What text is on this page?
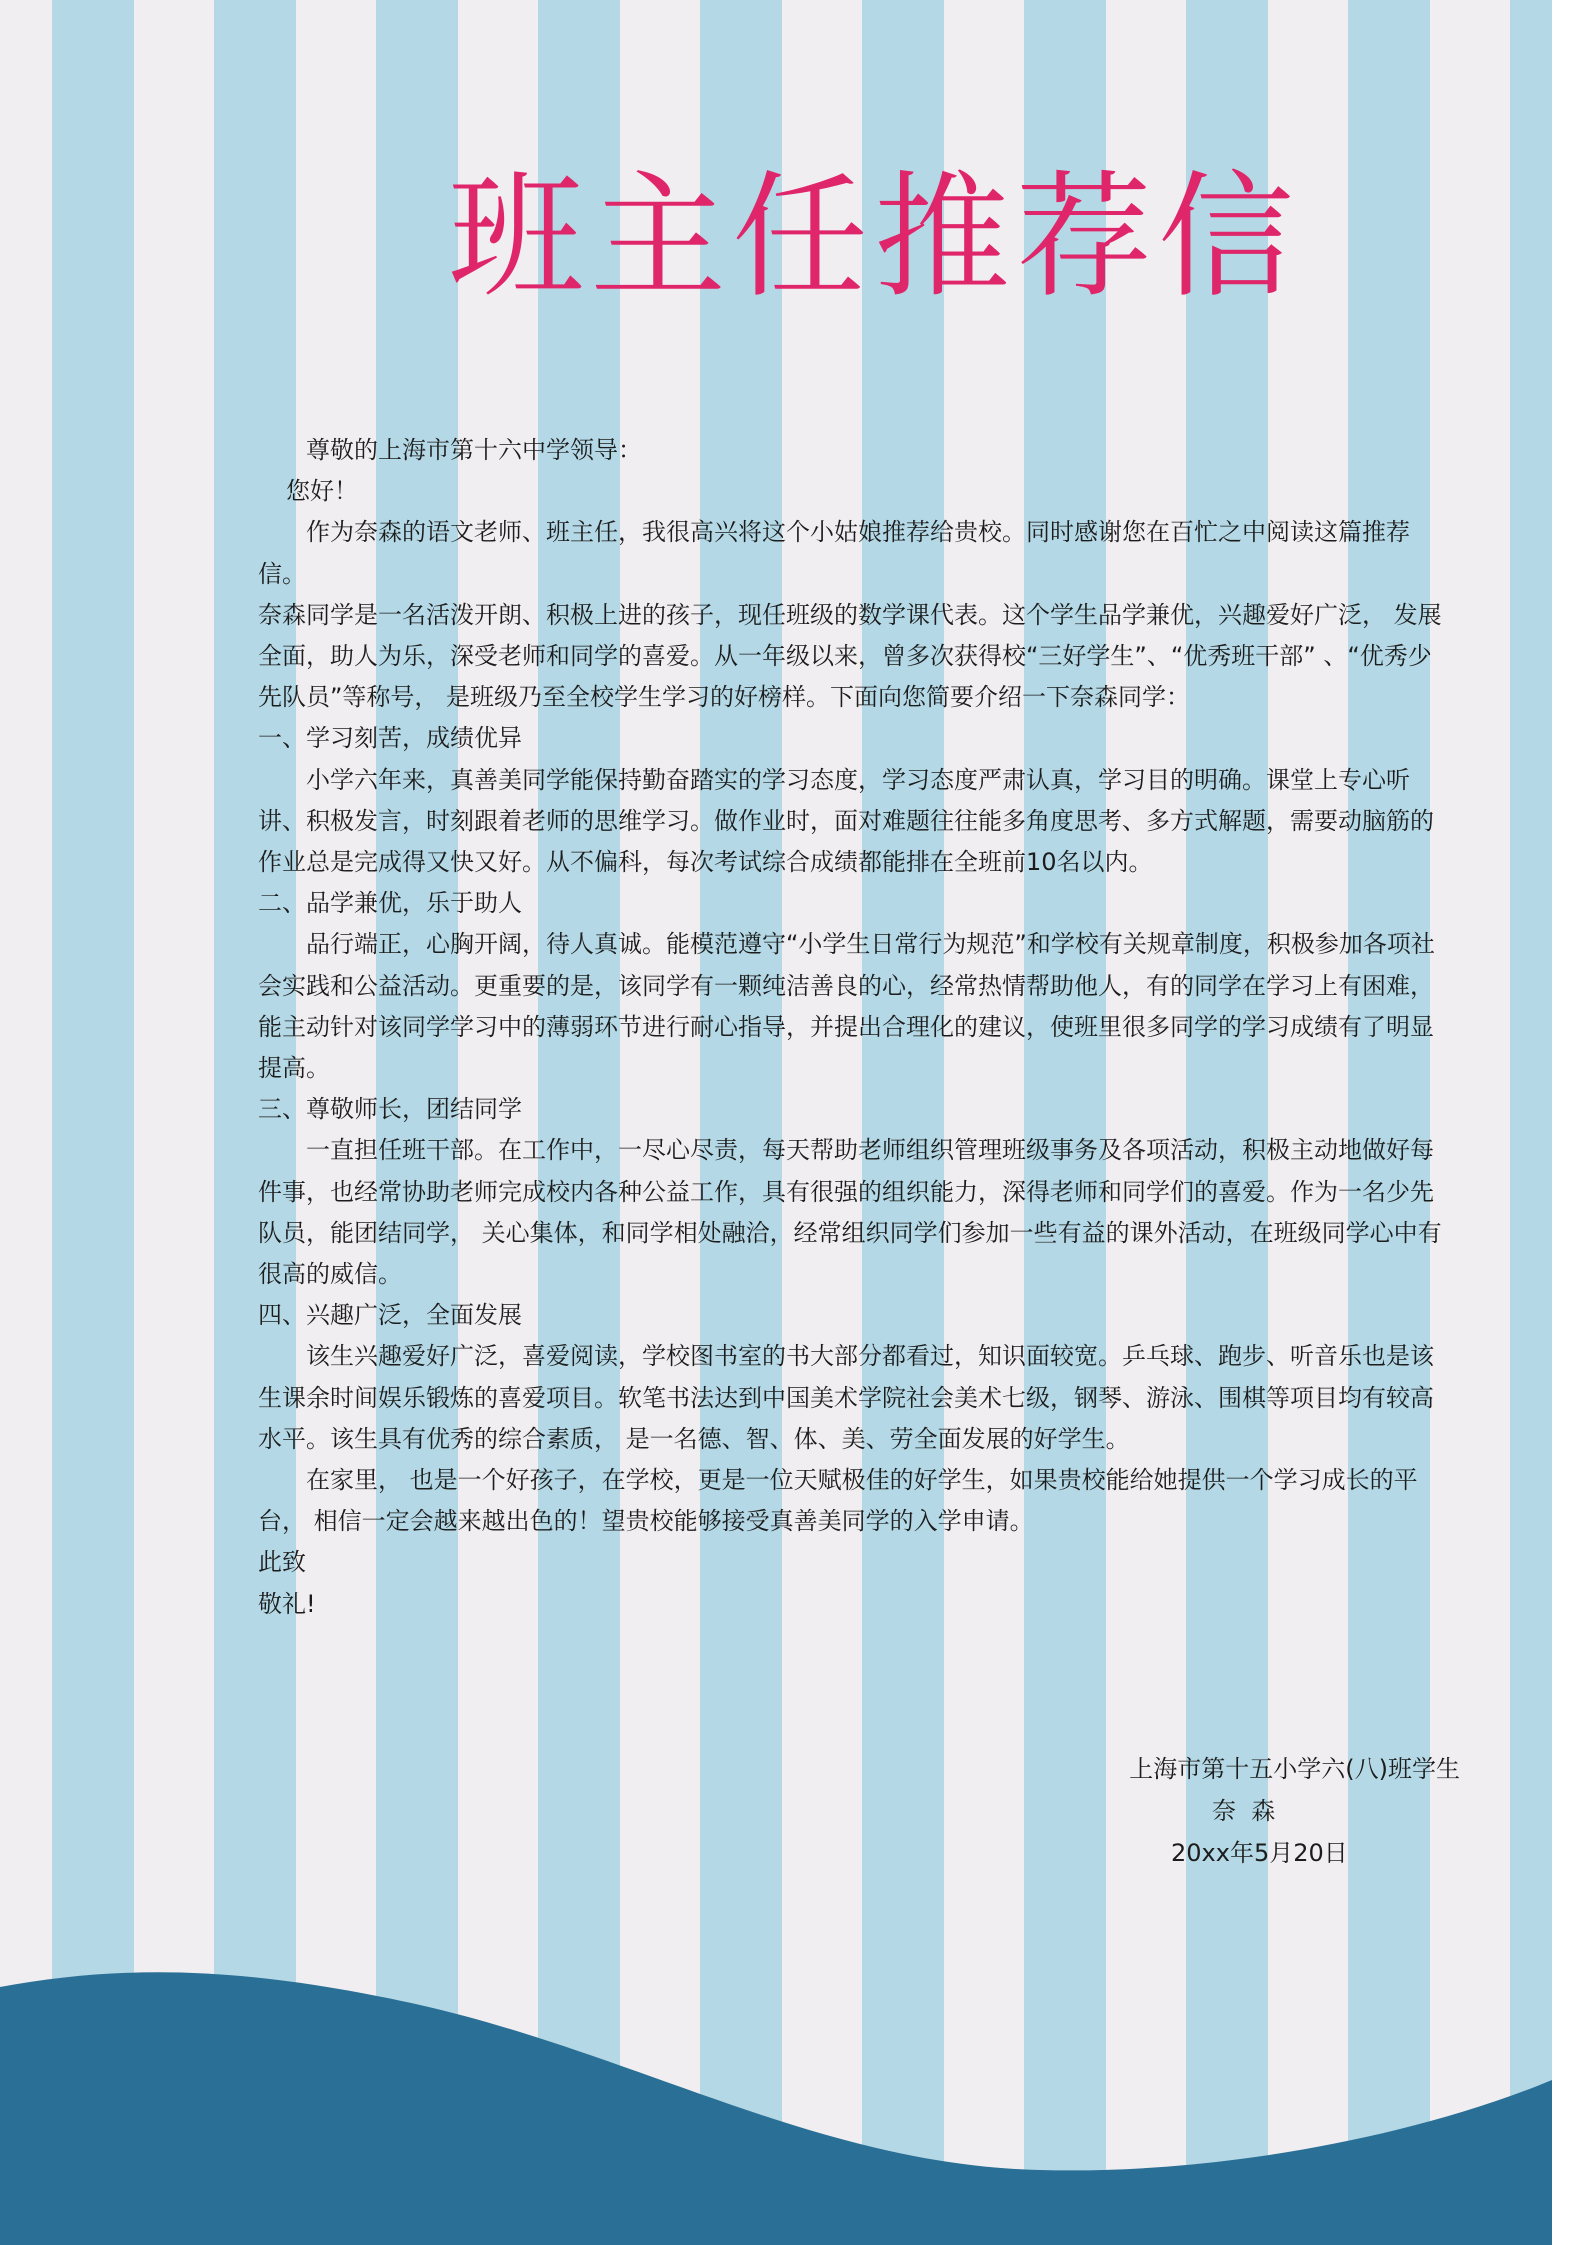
班主任推荐信

尊敬的上海市第十六中学领导：

您好！

作为奈森的语文老师、班主任，我很高兴将这个小姑娘推荐给贵校。同时感谢您在百忙之中阅读这篇推荐信。

奈森同学是一名活泼开朗、积极上进的孩子，现任班级的数学课代表。这个学生品学兼优，兴趣爱好广泛， 发展全面，助人为乐，深受老师和同学的喜爱。从一年级以来，曾多次获得校“三好学生”、“优秀班干部” 、“优秀少先队员”等称号， 是班级乃至全校学生学习的好榜样。下面向您简要介绍一下奈森同学：

一、学习刻苦，成绩优异

小学六年来，真善美同学能保持勤奋踏实的学习态度，学习态度严肃认真，学习目的明确。课堂上专心听讲、积极发言，时刻跟着老师的思维学习。做作业时，面对难题往往能多角度思考、多方式解题，需要动脑筋的作业总是完成得又快又好。从不偏科，每次考试综合成绩都能排在全班前10名以内。

二、品学兼优，乐于助人

品行端正，心胸开阔，待人真诚。能模范遵守“小学生日常行为规范”和学校有关规章制度，积极参加各项社会实践和公益活动。更重要的是，该同学有一颗纯洁善良的心，经常热情帮助他人，有的同学在学习上有困难，能主动针对该同学学习中的薄弱环节进行耐心指导，并提出合理化的建议，使班里很多同学的学习成绩有了明显提高。

三、尊敬师长，团结同学

一直担任班干部。在工作中，一尽心尽责，每天帮助老师组织管理班级事务及各项活动，积极主动地做好每件事，也经常协助老师完成校内各种公益工作，具有很强的组织能力，深得老师和同学们的喜爱。作为一名少先队员，能团结同学， 关心集体，和同学相处融洽，经常组织同学们参加一些有益的课外活动，在班级同学心中有很高的威信。

四、兴趣广泛，全面发展

该生兴趣爱好广泛，喜爱阅读，学校图书室的书大部分都看过，知识面较宽。乒乓球、跑步、听音乐也是该生课余时间娱乐锻炼的喜爱项目。软笔书法达到中国美术学院社会美术七级，钢琴、游泳、围棋等项目均有较高水平。该生具有优秀的综合素质， 是一名德、智、体、美、劳全面发展的好学生。

在家里， 也是一个好孩子，在学校，更是一位天赋极佳的好学生，如果贵校能给她提供一个学习成长的平台， 相信一定会越来越出色的！望贵校能够接受真善美同学的入学申请。

此致

敬礼!

上海市第十五小学六(八)班学生
奈  森
20xx年5月20日
